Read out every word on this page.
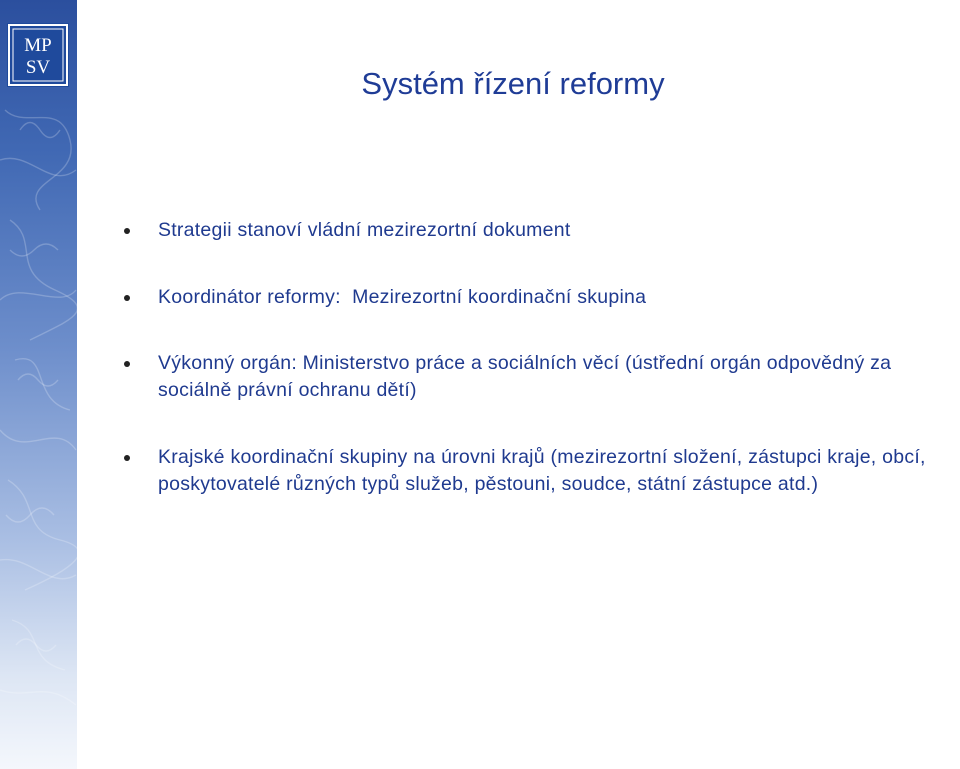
MP
SV	Systém řízení reformy
Strategii stanoví vládní mezirezortní dokument
Koordinátor reformy:  Mezirezortní koordinační skupina
Výkonný orgán: Ministerstvo práce a sociálních věcí (ústřední orgán odpovědný za sociálně právní ochranu dětí)
Krajské koordinační skupiny na úrovni krajů (mezirezortní složení, zástupci kraje, obcí, poskytovatelé různých typů služeb, pěstouni, soudce, státní zástupce atd.)
